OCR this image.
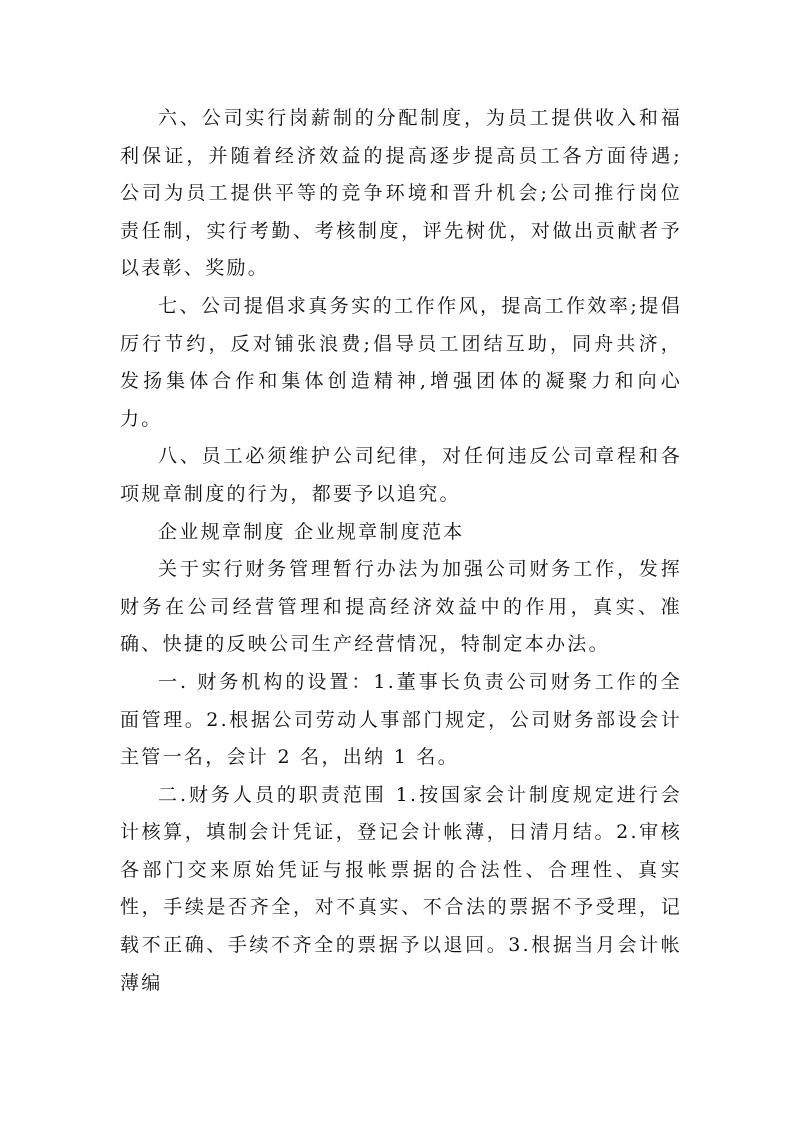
六、公司实行岗薪制的分配制度，为员工提供收入和福利保证，并随着经济效益的提高逐步提高员工各方面待遇;公司为员工提供平等的竞争环境和晋升机会;公司推行岗位责任制，实行考勤、考核制度，评先树优，对做出贡献者予以表彰、奖励。

七、公司提倡求真务实的工作作风，提高工作效率;提倡厉行节约，反对铺张浪费;倡导员工团结互助，同舟共济，发扬集体合作和集体创造精神,增强团体的凝聚力和向心力。

八、员工必须维护公司纪律，对任何违反公司章程和各项规章制度的行为，都要予以追究。

企业规章制度 企业规章制度范本

关于实行财务管理暂行办法为加强公司财务工作，发挥财务在公司经营管理和提高经济效益中的作用，真实、准确、快捷的反映公司生产经营情况，特制定本办法。

一. 财务机构的设置：1.董事长负责公司财务工作的全面管理。2.根据公司劳动人事部门规定，公司财务部设会计主管一名，会计 2 名，出纳 1 名。

二.财务人员的职责范围 1.按国家会计制度规定进行会计核算，填制会计凭证，登记会计帐薄，日清月结。2.审核各部门交来原始凭证与报帐票据的合法性、合理性、真实性，手续是否齐全，对不真实、不合法的票据不予受理，记载不正确、手续不齐全的票据予以退回。3.根据当月会计帐薄编
